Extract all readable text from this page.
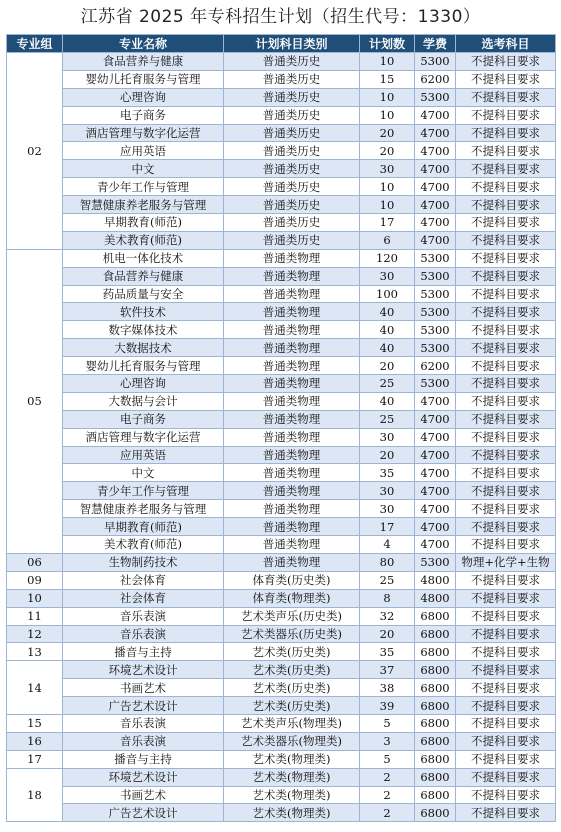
江苏省 2025 年专科招生计划（招生代号：1330）
专业组	专业名称	计划科目类别	计划数	学费	选考科目
02	食品营养与健康	普通类历史	10	5300	不提科目要求
	婴幼儿托育服务与管理	普通类历史	15	6200	不提科目要求
	心理咨询	普通类历史	10	5300	不提科目要求
	电子商务	普通类历史	10	4700	不提科目要求
	酒店管理与数字化运营	普通类历史	20	4700	不提科目要求
	应用英语	普通类历史	20	4700	不提科目要求
	中文	普通类历史	30	4700	不提科目要求
	青少年工作与管理	普通类历史	10	4700	不提科目要求
	智慧健康养老服务与管理	普通类历史	10	4700	不提科目要求
	早期教育(师范)	普通类历史	17	4700	不提科目要求
	美术教育(师范)	普通类历史	6	4700	不提科目要求
05	机电一体化技术	普通类物理	120	5300	不提科目要求
	食品营养与健康	普通类物理	30	5300	不提科目要求
	药品质量与安全	普通类物理	100	5300	不提科目要求
	软件技术	普通类物理	40	5300	不提科目要求
	数字媒体技术	普通类物理	40	5300	不提科目要求
	大数据技术	普通类物理	40	5300	不提科目要求
	婴幼儿托育服务与管理	普通类物理	20	6200	不提科目要求
	心理咨询	普通类物理	25	5300	不提科目要求
	大数据与会计	普通类物理	40	4700	不提科目要求
	电子商务	普通类物理	25	4700	不提科目要求
	酒店管理与数字化运营	普通类物理	30	4700	不提科目要求
	应用英语	普通类物理	20	4700	不提科目要求
	中文	普通类物理	35	4700	不提科目要求
	青少年工作与管理	普通类物理	30	4700	不提科目要求
	智慧健康养老服务与管理	普通类物理	30	4700	不提科目要求
	早期教育(师范)	普通类物理	17	4700	不提科目要求
	美术教育(师范)	普通类物理	4	4700	不提科目要求
06	生物制药技术	普通类物理	80	5300	物理+化学+生物
09	社会体育	体育类(历史类)	25	4800	不提科目要求
10	社会体育	体育类(物理类)	8	4800	不提科目要求
11	音乐表演	艺术类声乐(历史类)	32	6800	不提科目要求
12	音乐表演	艺术类器乐(历史类)	20	6800	不提科目要求
13	播音与主持	艺术类(历史类)	35	6800	不提科目要求
14	环境艺术设计	艺术类(历史类)	37	6800	不提科目要求
	书画艺术	艺术类(历史类)	38	6800	不提科目要求
	广告艺术设计	艺术类(历史类)	39	6800	不提科目要求
15	音乐表演	艺术类声乐(物理类)	5	6800	不提科目要求
16	音乐表演	艺术类器乐(物理类)	3	6800	不提科目要求
17	播音与主持	艺术类(物理类)	5	6800	不提科目要求
18	环境艺术设计	艺术类(物理类)	2	6800	不提科目要求
	书画艺术	艺术类(物理类)	2	6800	不提科目要求
	广告艺术设计	艺术类(物理类)	2	6800	不提科目要求
